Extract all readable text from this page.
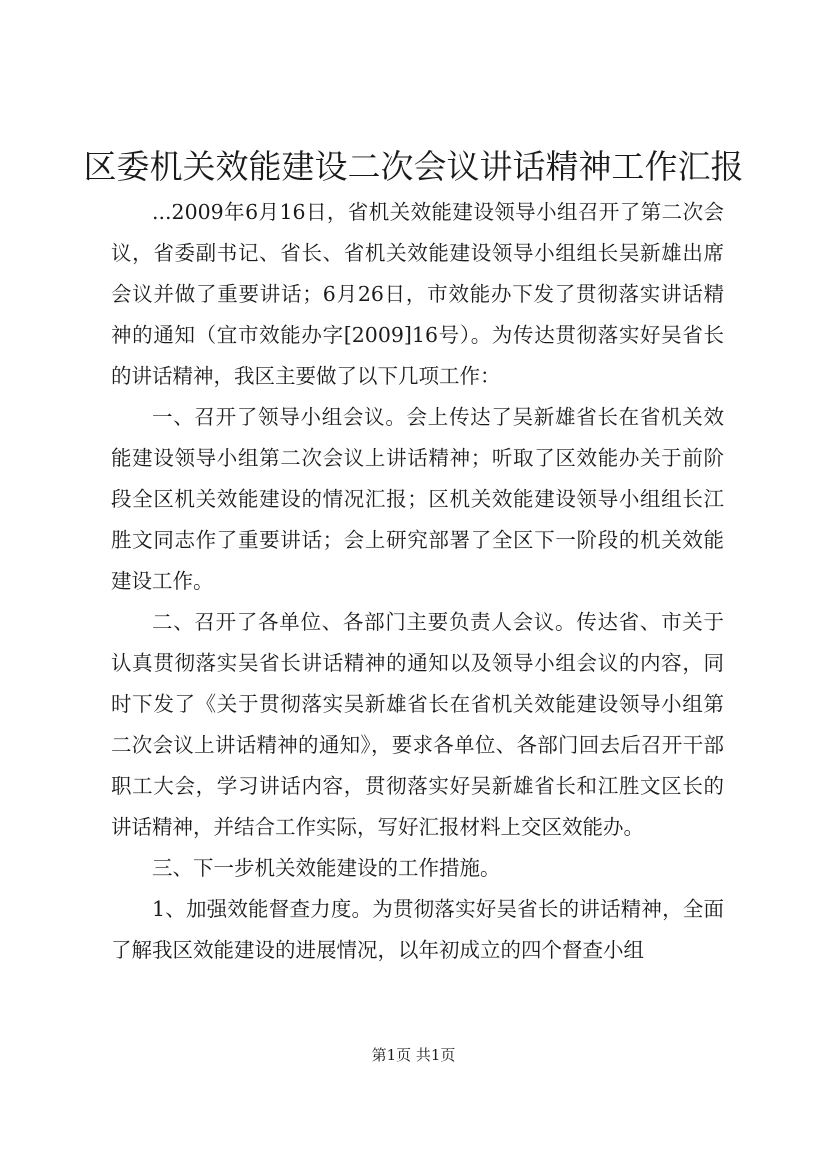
区委机关效能建设二次会议讲话精神工作汇报

...2009年6月16日，省机关效能建设领导小组召开了第二次会议，省委副书记、省长、省机关效能建设领导小组组长吴新雄出席会议并做了重要讲话；6月26日，市效能办下发了贯彻落实讲话精神的通知（宜市效能办字[2009]16号）。为传达贯彻落实好吴省长的讲话精神，我区主要做了以下几项工作：

一、召开了领导小组会议。会上传达了吴新雄省长在省机关效能建设领导小组第二次会议上讲话精神；听取了区效能办关于前阶段全区机关效能建设的情况汇报；区机关效能建设领导小组组长江胜文同志作了重要讲话；会上研究部署了全区下一阶段的机关效能建设工作。

二、召开了各单位、各部门主要负责人会议。传达省、市关于认真贯彻落实吴省长讲话精神的通知以及领导小组会议的内容，同时下发了《关于贯彻落实吴新雄省长在省机关效能建设领导小组第二次会议上讲话精神的通知》，要求各单位、各部门回去后召开干部职工大会，学习讲话内容，贯彻落实好吴新雄省长和江胜文区长的讲话精神，并结合工作实际，写好汇报材料上交区效能办。

三、下一步机关效能建设的工作措施。

1、加强效能督查力度。为贯彻落实好吴省长的讲话精神，全面了解我区效能建设的进展情况，以年初成立的四个督查小组

第1页 共1页
